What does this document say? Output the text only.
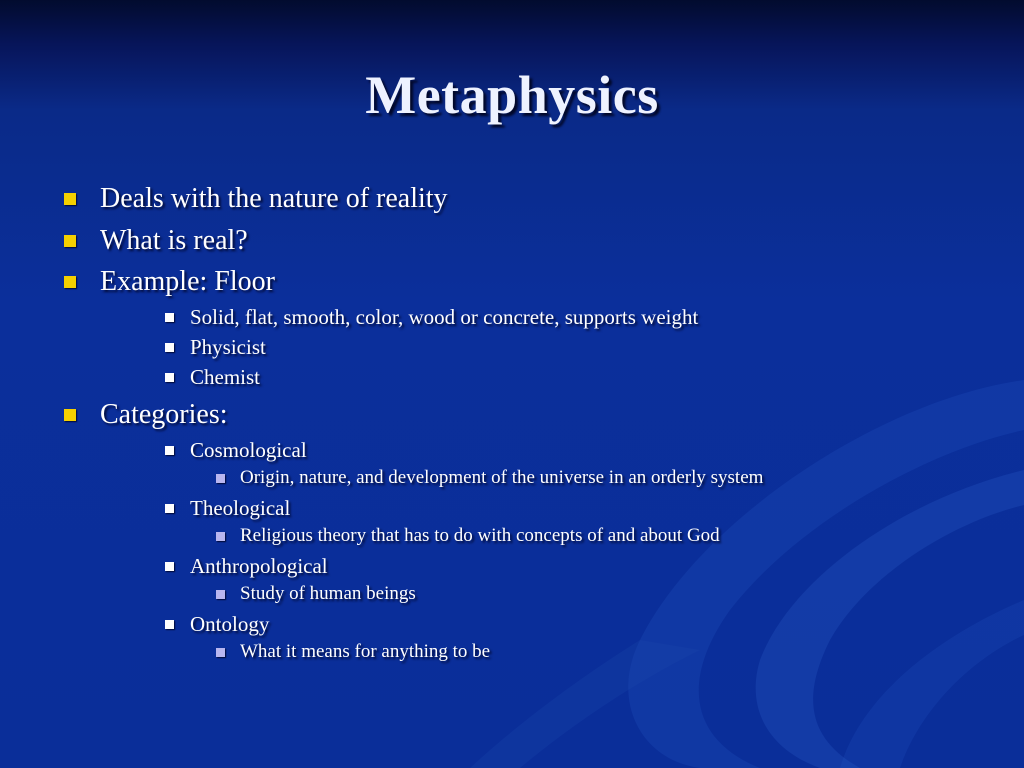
Metaphysics
Deals with the nature of reality
What is real?
Example: Floor
Solid, flat, smooth, color, wood or concrete, supports weight
Physicist
Chemist
Categories:
Cosmological
Origin, nature, and development of the universe in an orderly system
Theological
Religious theory that has to do with concepts of and about God
Anthropological
Study of human beings
Ontology
What it means for anything to be
